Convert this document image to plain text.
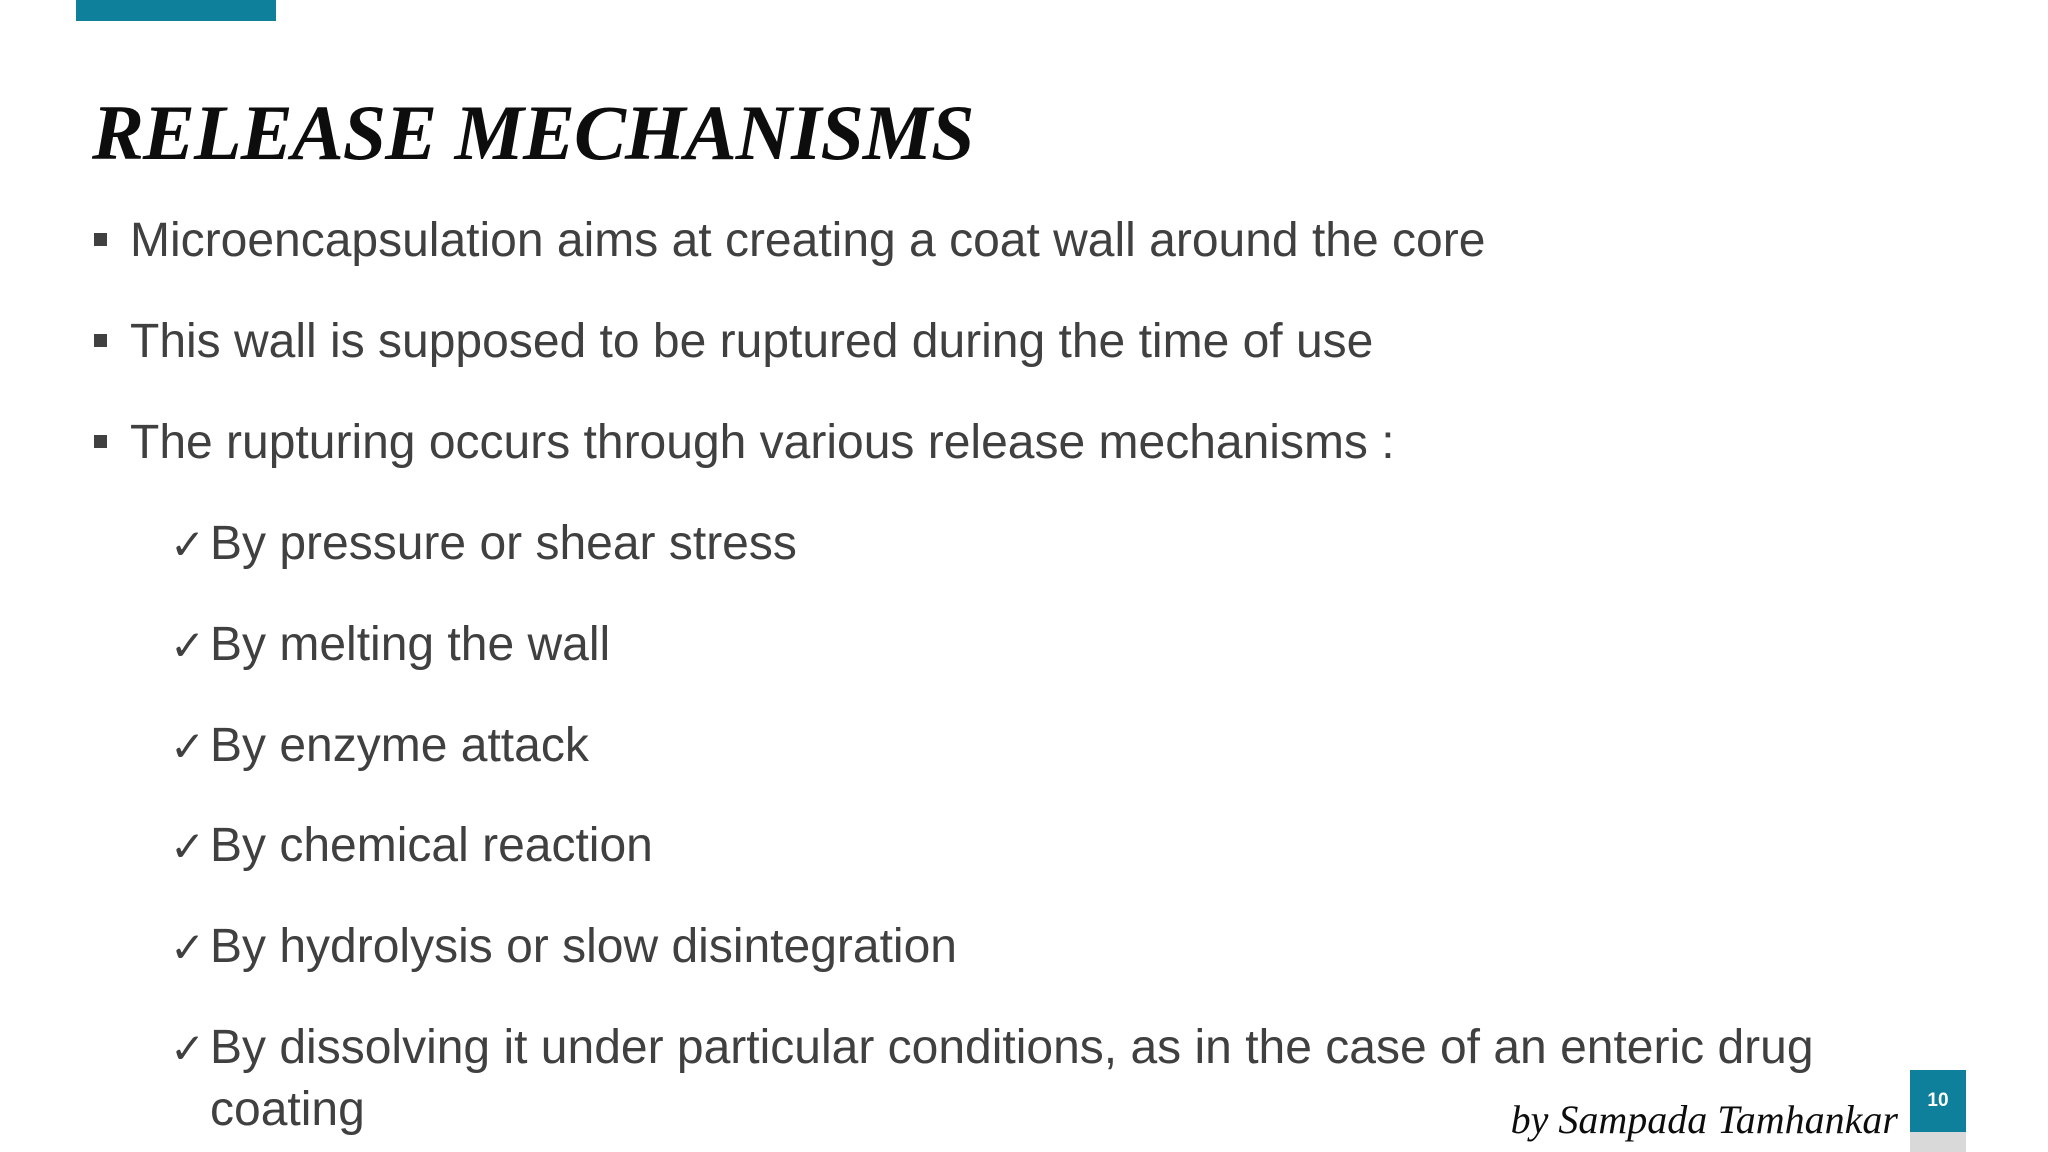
RELEASE MECHANISMS
Microencapsulation aims at creating a coat wall around the core
This wall is supposed to be ruptured during the time of use
The rupturing occurs through various release mechanisms :
✓By pressure or shear stress
✓By melting the wall
✓By enzyme attack
✓By chemical reaction
✓By hydrolysis or slow disintegration
✓By dissolving it under particular conditions, as in the case of an enteric drug coating	by Sampada Tamhankar	10
